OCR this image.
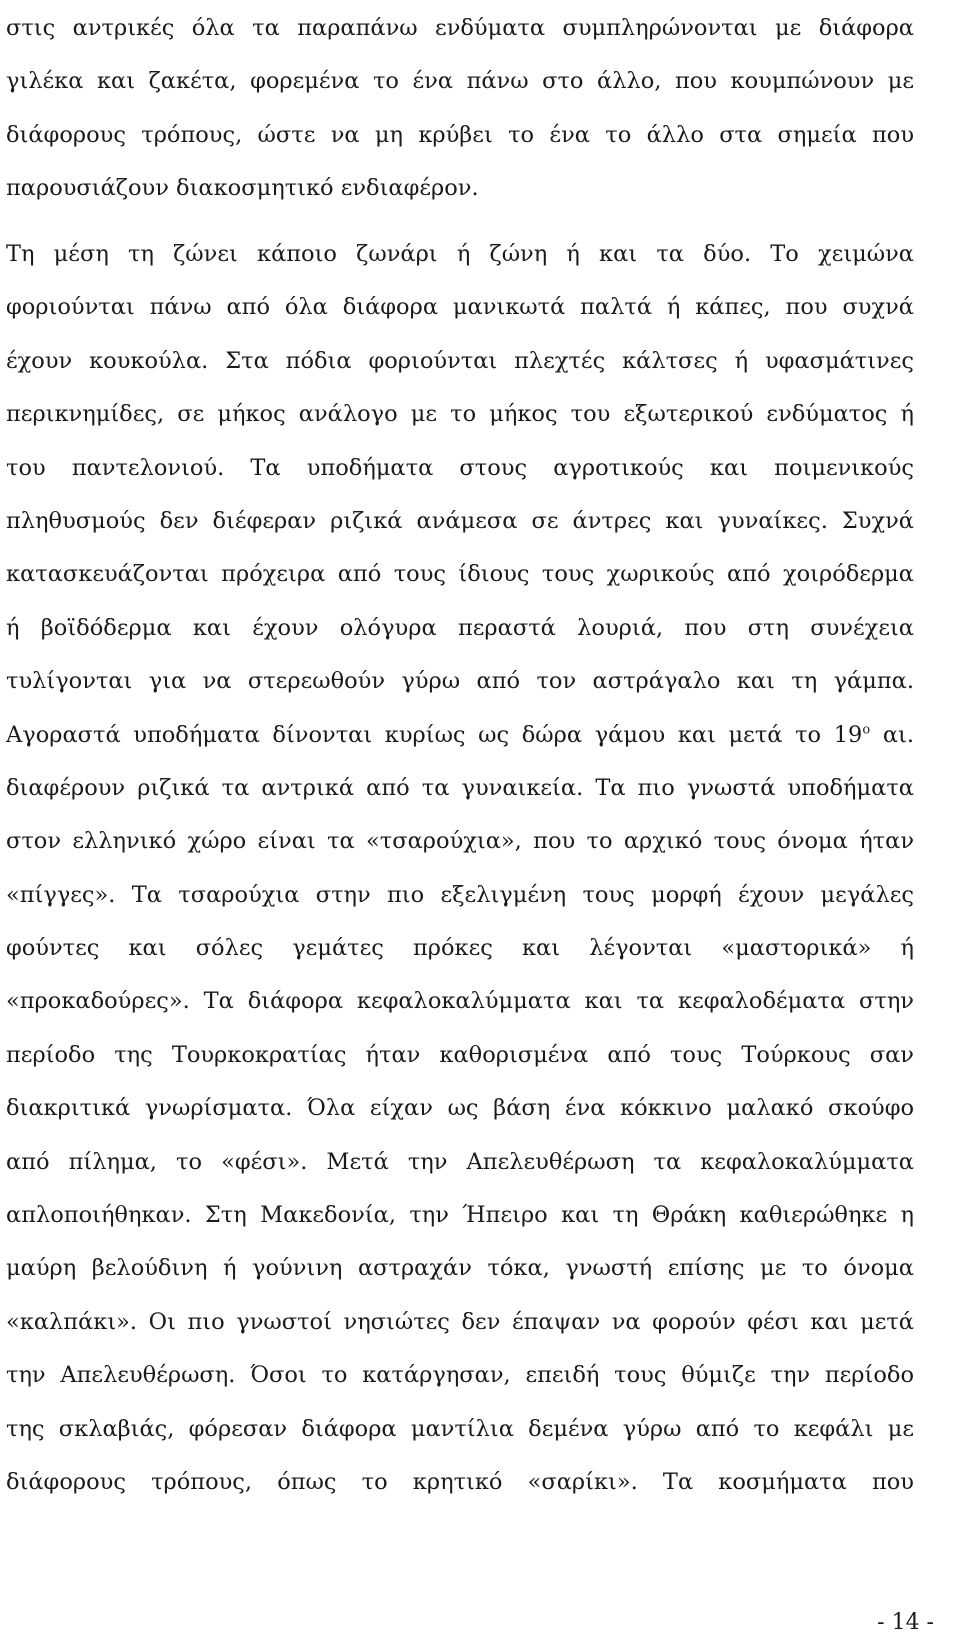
στις αντρικές όλα τα παραπάνω ενδύματα συμπληρώνονται με διάφορα
γιλέκα και ζακέτα, φορεμένα το ένα πάνω στο άλλο, που κουμπώνουν με
διάφορους τρόπους, ώστε να μη κρύβει το ένα το άλλο στα σημεία που
παρουσιάζουν διακοσμητικό ενδιαφέρον.
Τη μέση τη ζώνει κάποιο ζωνάρι ή ζώνη ή και τα δύο. Το χειμώνα
φοριούνται πάνω από όλα διάφορα μανικωτά παλτά ή κάπες, που συχνά
έχουν κουκούλα. Στα πόδια φοριούνται πλεχτές κάλτσες ή υφασμάτινες
περικνημίδες, σε μήκος ανάλογο με το μήκος του εξωτερικού ενδύματος ή
του παντελονιού. Τα υποδήματα στους αγροτικούς και ποιμενικούς
πληθυσμούς δεν διέφεραν ριζικά ανάμεσα σε άντρες και γυναίκες. Συχνά
κατασκευάζονται πρόχειρα από τους ίδιους τους χωρικούς από χοιρόδερμα
ή βοϊδόδερμα και έχουν ολόγυρα περαστά λουριά, που στη συνέχεια
τυλίγονται για να στερεωθούν γύρω από τον αστράγαλο και τη γάμπα.
Αγοραστά υποδήματα δίνονται κυρίως ως δώρα γάμου και μετά το $19^o$ αι.
διαφέρουν ριζικά τα αντρικά από τα γυναικεία. Τα πιο γνωστά υποδήματα
στον ελληνικό χώρο είναι τα «τσαρούχια», που το αρχικό τους όνομα ήταν
«πίγγες». Τα τσαρούχια στην πιο εξελιγμένη τους μορφή έχουν μεγάλες
φούντες και σόλες γεμάτες πρόκες και λέγονται «μαστορικά» ή
«προκαδούρες». Τα διάφορα κεφαλοκαλύμματα και τα κεφαλοδέματα στην
περίοδο της Τουρκοκρατίας ήταν καθορισμένα από τους Τούρκους σαν
διακριτικά γνωρίσματα. Όλα είχαν ως βάση ένα κόκκινο μαλακό σκούφο
από πίλημα, το «φέσι». Μετά την Απελευθέρωση τα κεφαλοκαλύμματα
απλοποιήθηκαν. Στη Μακεδονία, την Ήπειρο και τη Θράκη καθιερώθηκε η
μαύρη βελούδινη ή γούνινη αστραχάν τόκα, γνωστή επίσης με το όνομα
«καλπάκι». Οι πιο γνωστοί νησιώτες δεν έπαψαν να φορούν φέσι και μετά
την Απελευθέρωση. Όσοι το κατάργησαν, επειδή τους θύμιζε την περίοδο
της σκλαβιάς, φόρεσαν διάφορα μαντίλια δεμένα γύρω από το κεφάλι με
διάφορους τρόπους, όπως το κρητικό «σαρίκι». Τα κοσμήματα που
- 14 -
